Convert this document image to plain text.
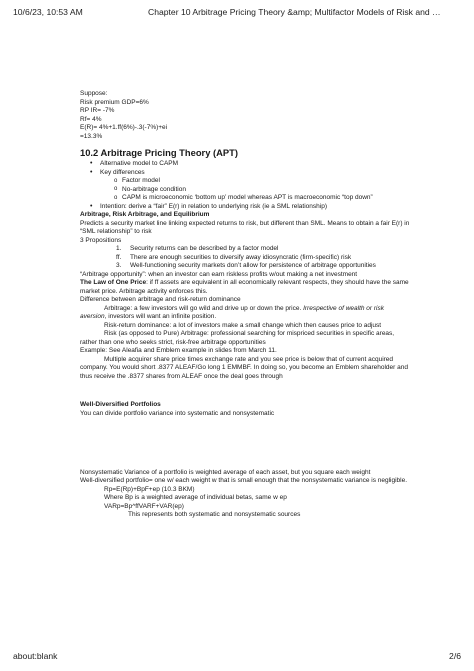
10/6/23, 10:53 AM	Chapter 10 Arbitrage Pricing Theory &amp; Multifactor Models of Risk and …

Suppose:

Risk premium GDP=6%

RP IR= -7%

Rf= 4%

E(R)= 4%+1.ff(6%)-.3(-7%)+ei

=13.3%

10.2 Arbitrage Pricing Theory (APT)
• Alternative model to CAPM
• Key differences
o Factor model
o No-arbitrage condition
o CAPM is microeconomic ‘bottom up’ model whereas APT is macroeconomic “top down”
• Intention: derive a “fair” E(r) in relation to underlying risk (ie a SML relationship)

Arbitrage, Risk Arbitrage, and Equilibrium

Predicts a security market line linking expected returns to risk, but different than SML. Means to obtain a fair E(r) in “SML relationship” to risk

3 Propositions

1. Security returns can be described by a factor model
ff. There are enough securities to diversify away idiosyncratic (firm-specific) risk
3. Well-functioning security markets don’t allow for persistence of arbitrage opportunities

“Arbitrage opportunity”: when an investor can earn riskless profits w/out making a net investment

The Law of One Price: if ff assets are equivalent in all economically relevant respects, they should have the same market price. Arbitrage activity enforces this.

Difference between arbitrage and risk-return dominance

Arbitrage: a few investors will go wild and drive up or down the price. Irrespective of wealth or risk aversion, investors will want an infinite position.

Risk-return dominance: a lot of investors make a small change which then causes price to adjust

Risk (as opposed to Pure) Arbitrage: professional searching for mispriced securities in specific areas, rather than one who seeks strict, risk-free arbitrage opportunities

Example: See Aleafia and Emblem example in slides from March 11.

Multiple acquirer share price times exchange rate and you see price is below that of current acquired company. You would short .8377 ALEAF/Go long 1 EMMBF. In doing so, you become an Emblem shareholder and thus receive the .8377 shares from ALEAF once the deal goes through

Well-Diversified Portfolios

You can divide portfolio variance into systematic and nonsystematic

Nonsystematic Variance of a portfolio is weighted average of each asset, but you square each weight

Well-diversified portfolio= one w/ each weight w that is small enough that the nonsystematic variance is negligible.

Rp=E(Rp)+BpF+ep (10.3 BKM)

Where Bp is a weighted average of individual betas, same w ep

VARp=Bp^ffVARF+VAR(ep)

This represents both systematic and nonsystematic sources

about:blank	2/6
